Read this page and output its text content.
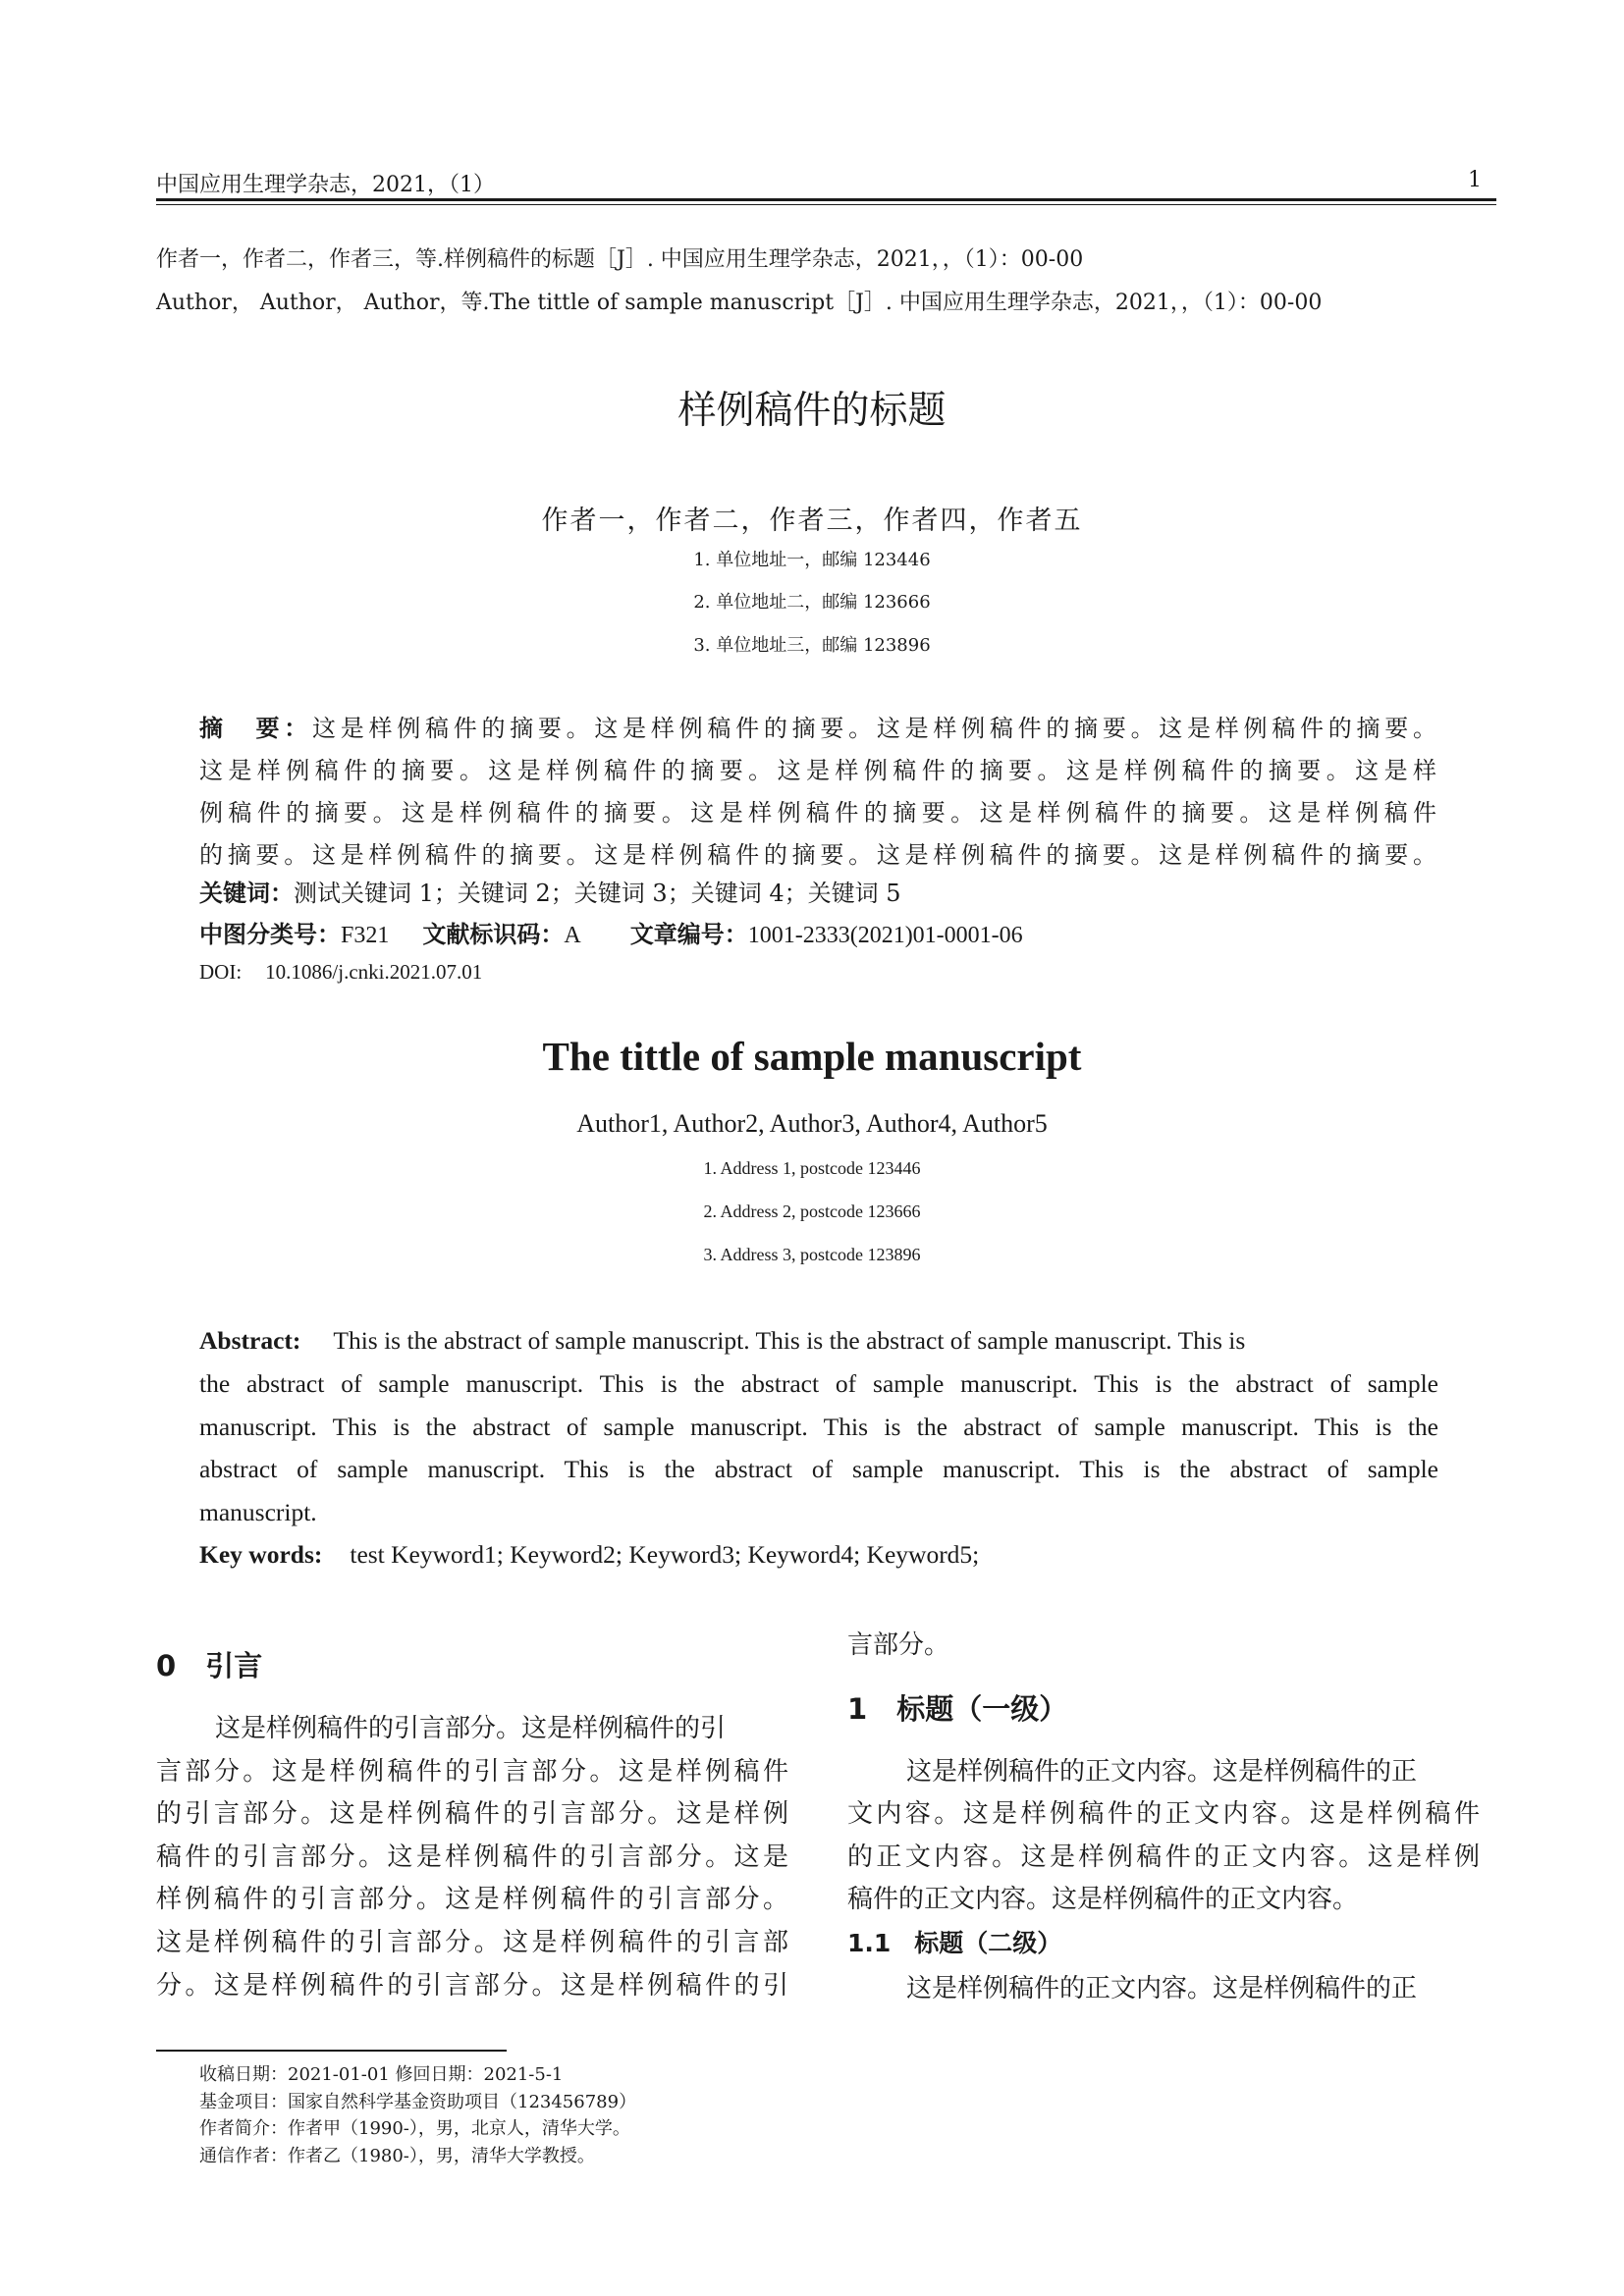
中国应用生理学杂志，2021，（1）	1
作者一，作者二，作者三，等.样例稿件的标题［J］. 中国应用生理学杂志，2021，，（1）：00-00
Author， Author， Author，等.The tittle of sample manuscript［J］. 中国应用生理学杂志，2021，，（1）：00-00
样例稿件的标题
作者一，作者二，作者三，作者四，作者五
1. 单位地址一，邮编 123446
2. 单位地址二，邮编 123666
3. 单位地址三，邮编 123896
摘　要：这是样例稿件的摘要。这是样例稿件的摘要。这是样例稿件的摘要。这是样例稿件的摘要。
这是样例稿件的摘要。这是样例稿件的摘要。这是样例稿件的摘要。这是样例稿件的摘要。这是样
例稿件的摘要。这是样例稿件的摘要。这是样例稿件的摘要。这是样例稿件的摘要。这是样例稿件
的摘要。这是样例稿件的摘要。这是样例稿件的摘要。这是样例稿件的摘要。这是样例稿件的摘要。
关键词：测试关键词 1；关键词 2；关键词 3；关键词 4；关键词 5
中图分类号：F321 文献标识码：A 文章编号：1001-2333(2021)01-0001-06
DOI: 10.1086/j.cnki.2021.07.01
The tittle of sample manuscript
Author1, Author2, Author3, Author4, Author5
1. Address 1, postcode 123446
2. Address 2, postcode 123666
3. Address 3, postcode 123896
Abstract: This is the abstract of sample manuscript. This is the abstract of sample manuscript. This is
the abstract of sample manuscript. This is the abstract of sample manuscript. This is the abstract of sample
manuscript. This is the abstract of sample manuscript. This is the abstract of sample manuscript. This is the
abstract of sample manuscript. This is the abstract of sample manuscript. This is the abstract of sample
manuscript.
Key words: test Keyword1; Keyword2; Keyword3; Keyword4; Keyword5;
0 引言
这是样例稿件的引言部分。这是样例稿件的引
言部分。这是样例稿件的引言部分。这是样例稿件
的引言部分。这是样例稿件的引言部分。这是样例
稿件的引言部分。这是样例稿件的引言部分。这是
样例稿件的引言部分。这是样例稿件的引言部分。
这是样例稿件的引言部分。这是样例稿件的引言部
分。这是样例稿件的引言部分。这是样例稿件的引
言部分。
1 标题（一级）
这是样例稿件的正文内容。这是样例稿件的正
文内容。这是样例稿件的正文内容。这是样例稿件
的正文内容。这是样例稿件的正文内容。这是样例
稿件的正文内容。这是样例稿件的正文内容。
1.1 标题（二级）
这是样例稿件的正文内容。这是样例稿件的正
收稿日期：2021-01-01 修回日期：2021-5-1
基金项目：国家自然科学基金资助项目（123456789）
作者简介：作者甲（1990-），男，北京人，清华大学。
通信作者：作者乙（1980-），男，清华大学教授。
